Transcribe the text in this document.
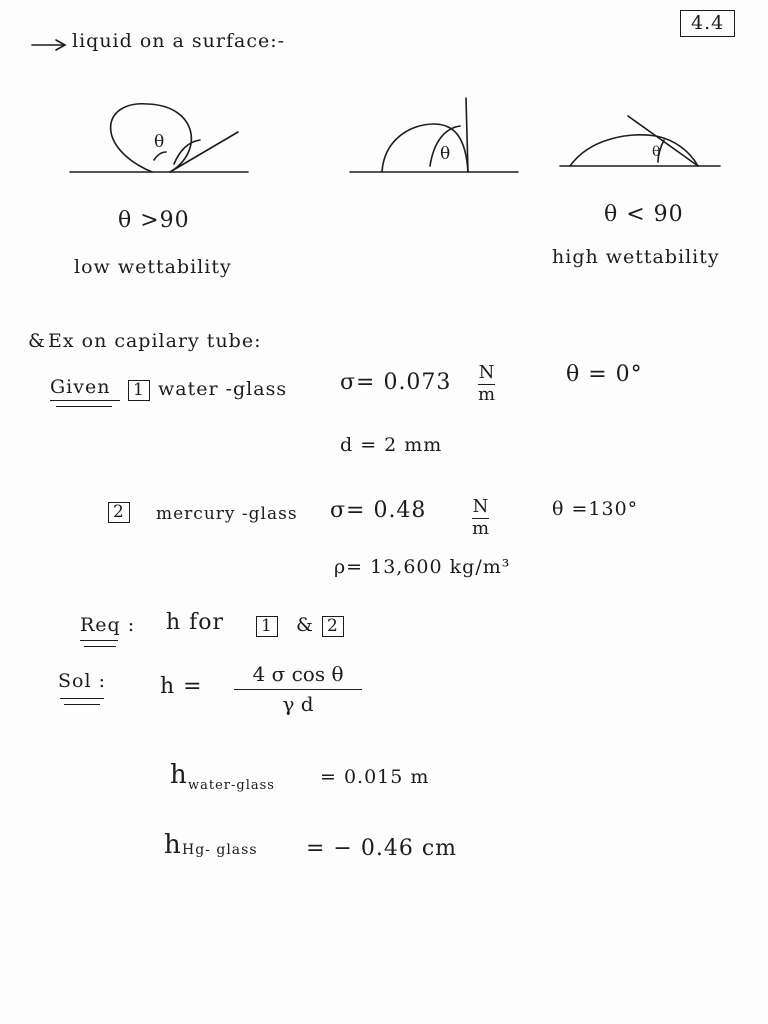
4.4
liquid on a surface:-
θ
θ	θ
θ >90
low wettability
θ < 90
high wettability
& Ex on capilary tube:
Given 1 water -glass σ= 0.073 N
m
θ = 0°
d = 2 mm
2 mercury -glass σ= 0.48	N
m
θ =130°
ρ= 13,600 kg/m³
Req : h for 1 & 2
Sol : h = 4 σ cos θ
γ d
h water-glass = 0.015 m
h Hg- glass = − 0.46 cm
